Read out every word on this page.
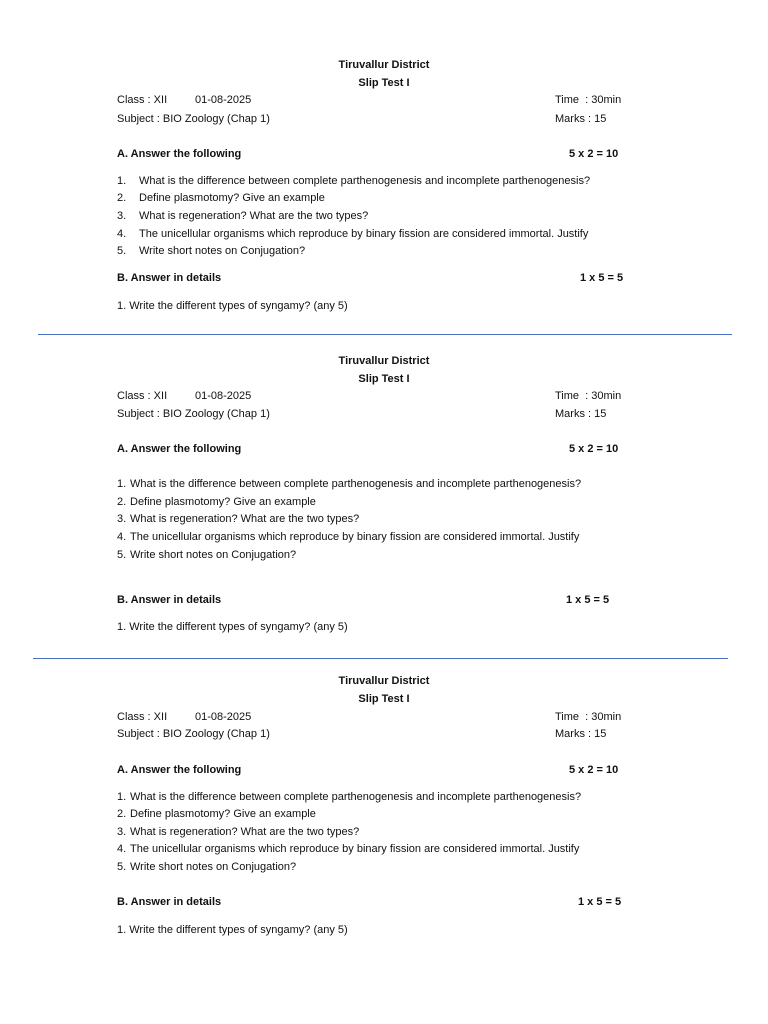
Tiruvallur District
Slip Test I
Class : XII	01-08-2025	Time  : 30min
Subject : BIO Zoology (Chap 1)	Marks : 15
A. Answer the following	5 x 2 = 10
1. What is the difference between complete parthenogenesis and incomplete parthenogenesis?
2. Define plasmotomy? Give an example
3. What is regeneration? What are the two types?
4. The unicellular organisms which reproduce by binary fission are considered immortal. Justify
5. Write short notes on Conjugation?
B. Answer in details	1 x 5 = 5
1. Write the different types of syngamy? (any 5)
Tiruvallur District
Slip Test I
Class : XII	01-08-2025	Time  : 30min
Subject : BIO Zoology (Chap 1)	Marks : 15
A. Answer the following	5 x 2 = 10
1. What is the difference between complete parthenogenesis and incomplete parthenogenesis?
2. Define plasmotomy? Give an example
3. What is regeneration? What are the two types?
4. The unicellular organisms which reproduce by binary fission are considered immortal. Justify
5. Write short notes on Conjugation?
B. Answer in details	1 x 5 = 5
1. Write the different types of syngamy? (any 5)
Tiruvallur District
Slip Test I
Class : XII	01-08-2025	Time  : 30min
Subject : BIO Zoology (Chap 1)	Marks : 15
A. Answer the following	5 x 2 = 10
1. What is the difference between complete parthenogenesis and incomplete parthenogenesis?
2. Define plasmotomy? Give an example
3. What is regeneration? What are the two types?
4. The unicellular organisms which reproduce by binary fission are considered immortal. Justify
5. Write short notes on Conjugation?
B. Answer in details	1 x 5 = 5
1. Write the different types of syngamy? (any 5)
